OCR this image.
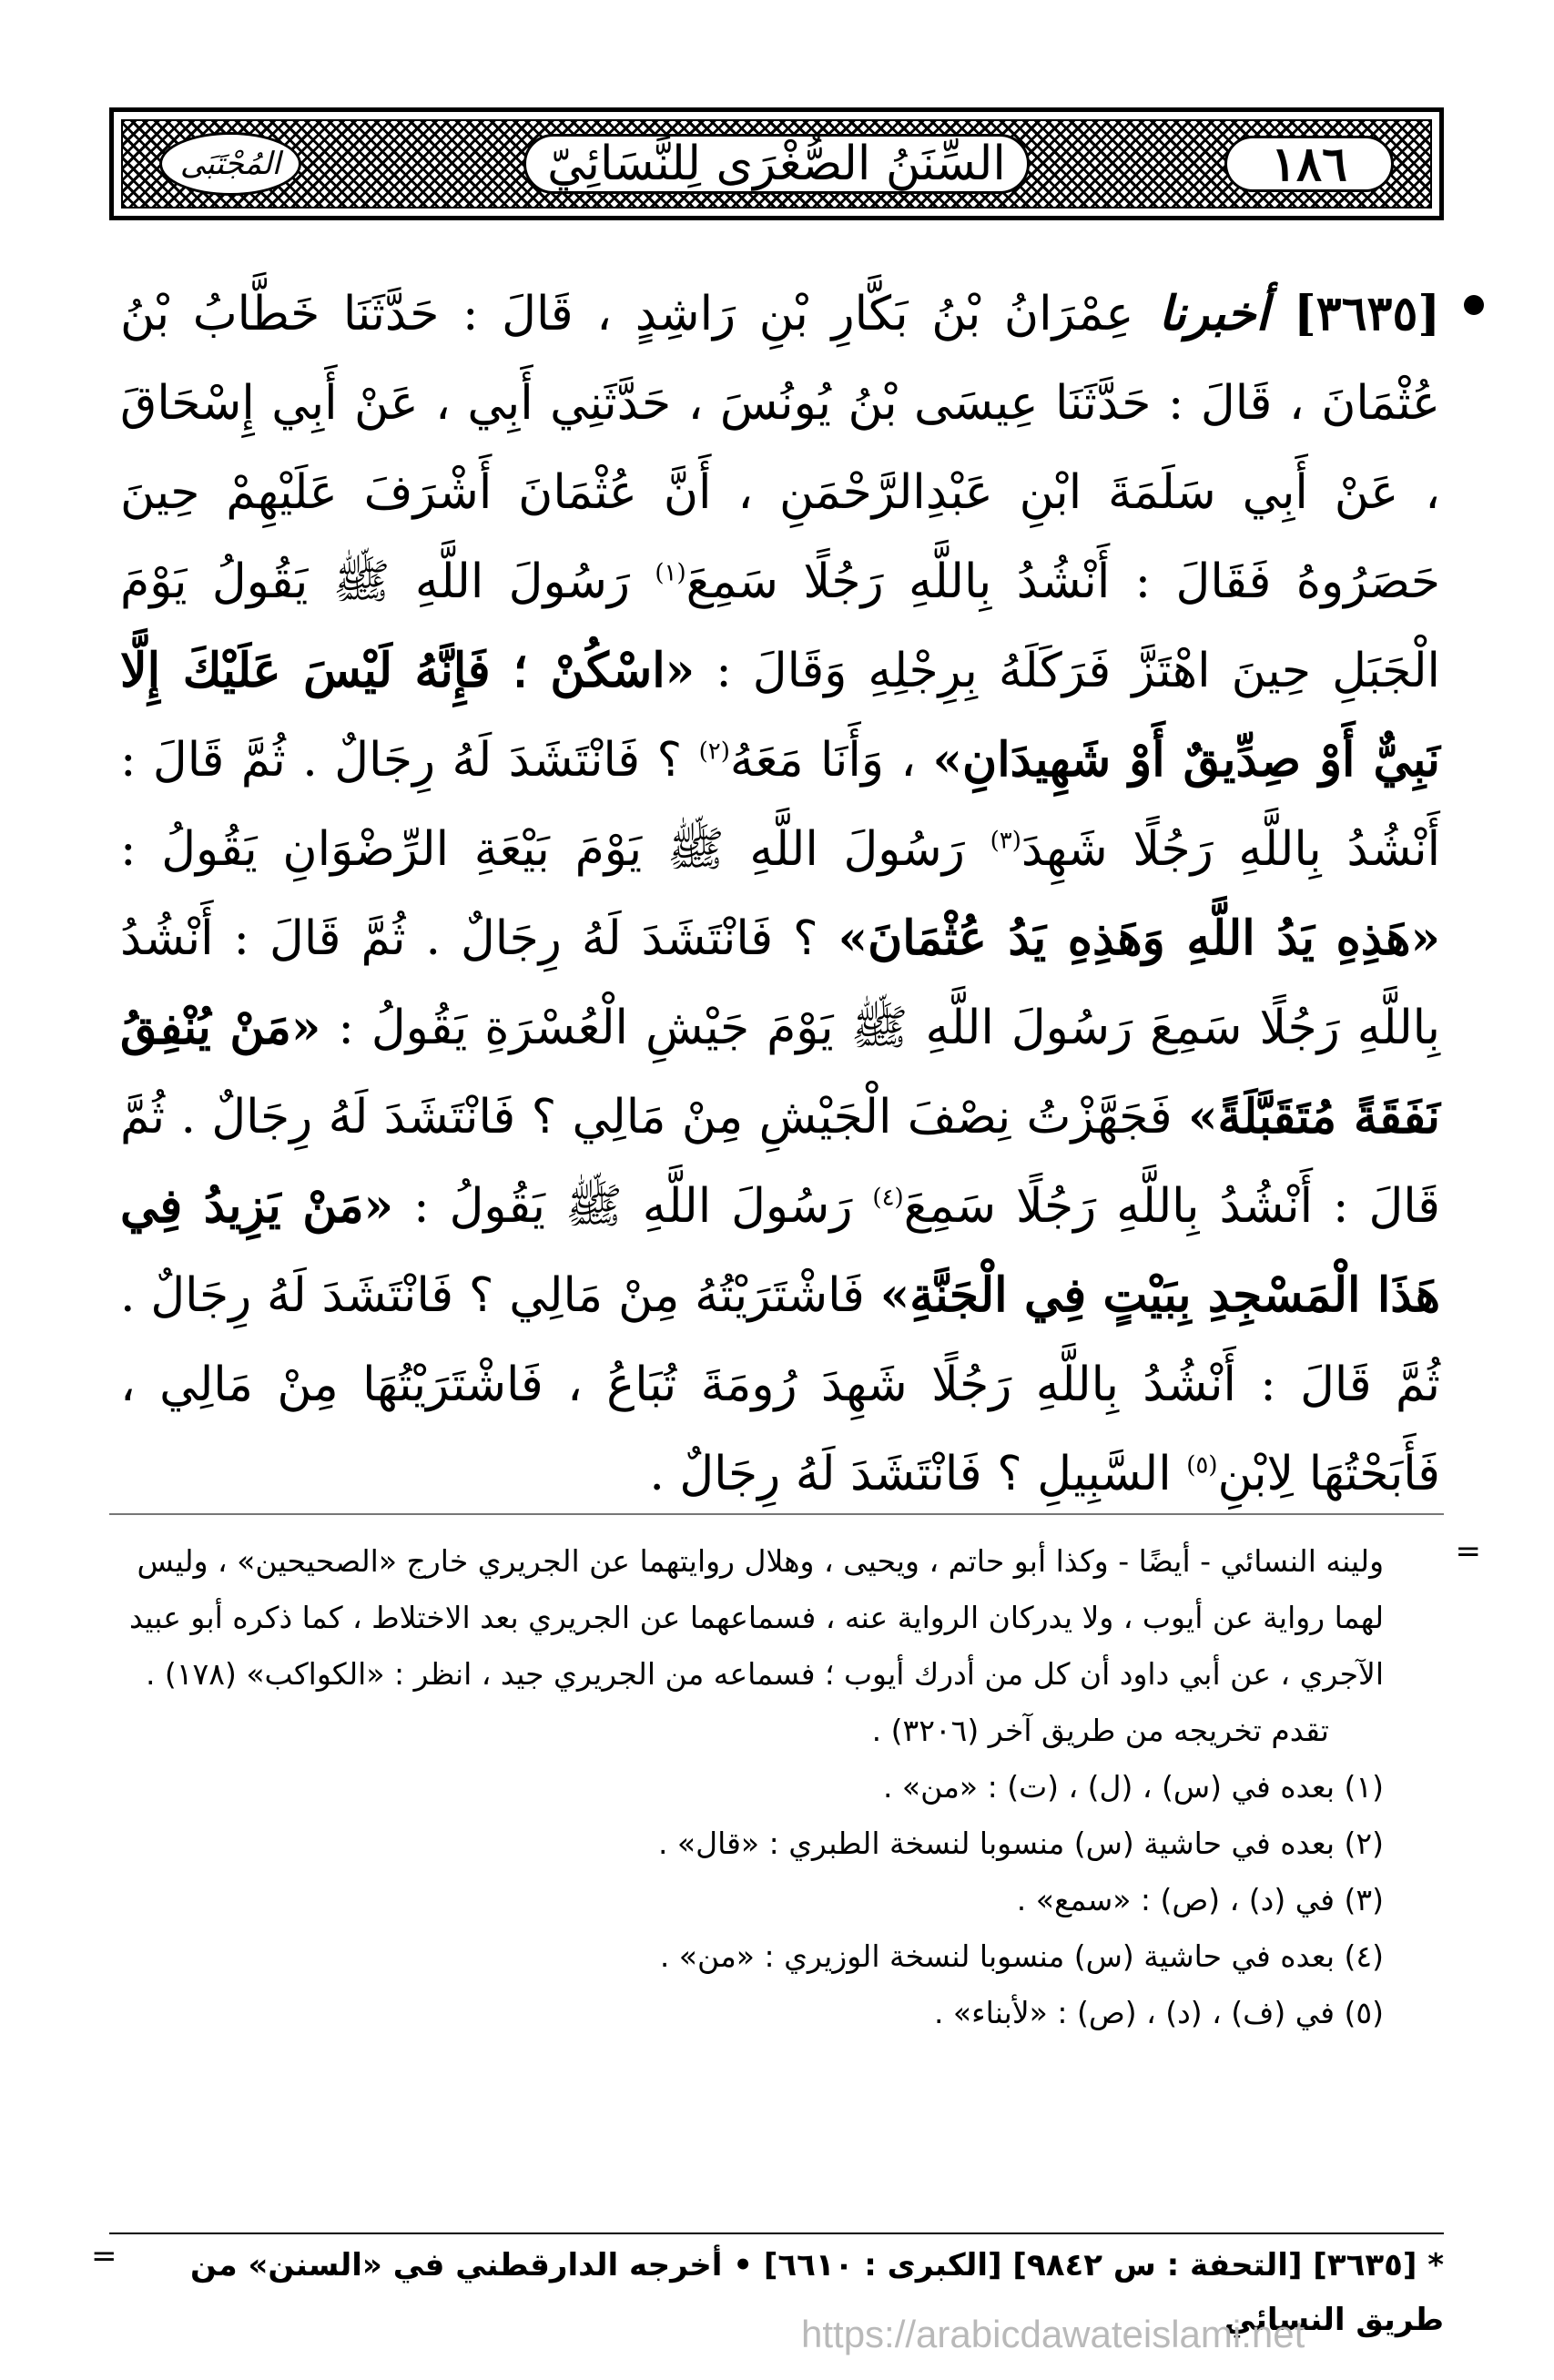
المُجْتَبَى	السِّنَنُ الصُّغْرَى لِلنَّسَائِيّ	١٨٦

[٣٦٣٥] أخبرنا عِمْرَانُ بْنُ بَكَّارِ بْنِ رَاشِدٍ ، قَالَ : حَدَّثَنَا خَطَّابُ بْنُ عُثْمَانَ ، قَالَ : حَدَّثَنَا عِيسَى بْنُ يُونُسَ ، حَدَّثَنِي أَبِي ، عَنْ أَبِي إِسْحَاقَ ، عَنْ أَبِي سَلَمَةَ ابْنِ عَبْدِالرَّحْمَنِ ، أَنَّ عُثْمَانَ أَشْرَفَ عَلَيْهِمْ حِينَ حَصَرُوهُ فَقَالَ : أَنْشُدُ بِاللَّهِ رَجُلًا سَمِعَ$^{(١)}$ رَسُولَ اللَّهِ ﷺ يَقُولُ يَوْمَ الْجَبَلِ حِينَ اهْتَزَّ فَرَكَلَهُ بِرِجْلِهِ وَقَالَ : «اسْكُنْ ؛ فَإِنَّهُ لَيْسَ عَلَيْكَ إِلَّا نَبِيٌّ أَوْ صِدِّيقٌ أَوْ شَهِيدَانِ» ، وَأَنَا مَعَهُ$^{(٢)}$ ؟ فَانْتَشَدَ لَهُ رِجَالٌ . ثُمَّ قَالَ : أَنْشُدُ بِاللَّهِ رَجُلًا شَهِدَ$^{(٣)}$ رَسُولَ اللَّهِ ﷺ يَوْمَ بَيْعَةِ الرِّضْوَانِ يَقُولُ : «هَذِهِ يَدُ اللَّهِ وَهَذِهِ يَدُ عُثْمَانَ» ؟ فَانْتَشَدَ لَهُ رِجَالٌ . ثُمَّ قَالَ : أَنْشُدُ بِاللَّهِ رَجُلًا سَمِعَ رَسُولَ اللَّهِ ﷺ يَوْمَ جَيْشِ الْعُسْرَةِ يَقُولُ : «مَنْ يُنْفِقُ نَفَقَةً مُتَقَبَّلَةً» فَجَهَّزْتُ نِصْفَ الْجَيْشِ مِنْ مَالِي ؟ فَانْتَشَدَ لَهُ رِجَالٌ . ثُمَّ قَالَ : أَنْشُدُ بِاللَّهِ رَجُلًا سَمِعَ$^{(٤)}$ رَسُولَ اللَّهِ ﷺ يَقُولُ : «مَنْ يَزِيدُ فِي هَذَا الْمَسْجِدِ بِبَيْتٍ فِي الْجَنَّةِ» فَاشْتَرَيْتُهُ مِنْ مَالِي ؟ فَانْتَشَدَ لَهُ رِجَالٌ . ثُمَّ قَالَ : أَنْشُدُ بِاللَّهِ رَجُلًا شَهِدَ رُومَةَ تُبَاعُ ، فَاشْتَرَيْتُهَا مِنْ مَالِي ، فَأَبَحْتُهَا لِابْنِ$^{(٥)}$ السَّبِيلِ ؟ فَانْتَشَدَ لَهُ رِجَالٌ .

=

ولينه النسائي - أيضًا - وكذا أبو حاتم ، ويحيى ، وهلال روايتهما عن الجريري خارج «الصحيحين» ، وليس لهما رواية عن أيوب ، ولا يدركان الرواية عنه ، فسماعهما عن الجريري بعد الاختلاط ، كما ذكره أبو عبيد الآجري ، عن أبي داود أن كل من أدرك أيوب ؛ فسماعه من الجريري جيد ، انظر : «الكواكب» (١٧٨) .

تقدم تخريجه من طريق آخر (٣٢٠٦) .

(١) بعده في (س) ، (ل) ، (ت) : «من» .

(٢) بعده في حاشية (س) منسوبا لنسخة الطبري : «قال» .

(٣) في (د) ، (ص) : «سمع» .

(٤) بعده في حاشية (س) منسوبا لنسخة الوزيري : «من» .

(٥) في (ف) ، (د) ، (ص) : «لأبناء» .

* [٣٦٣٥] [التحفة : س ٩٨٤٢] [الكبرى : ٦٦١٠] • أخرجه الدارقطني في «السنن» من طريق النسائي
=
https://arabicdawateislami.net
